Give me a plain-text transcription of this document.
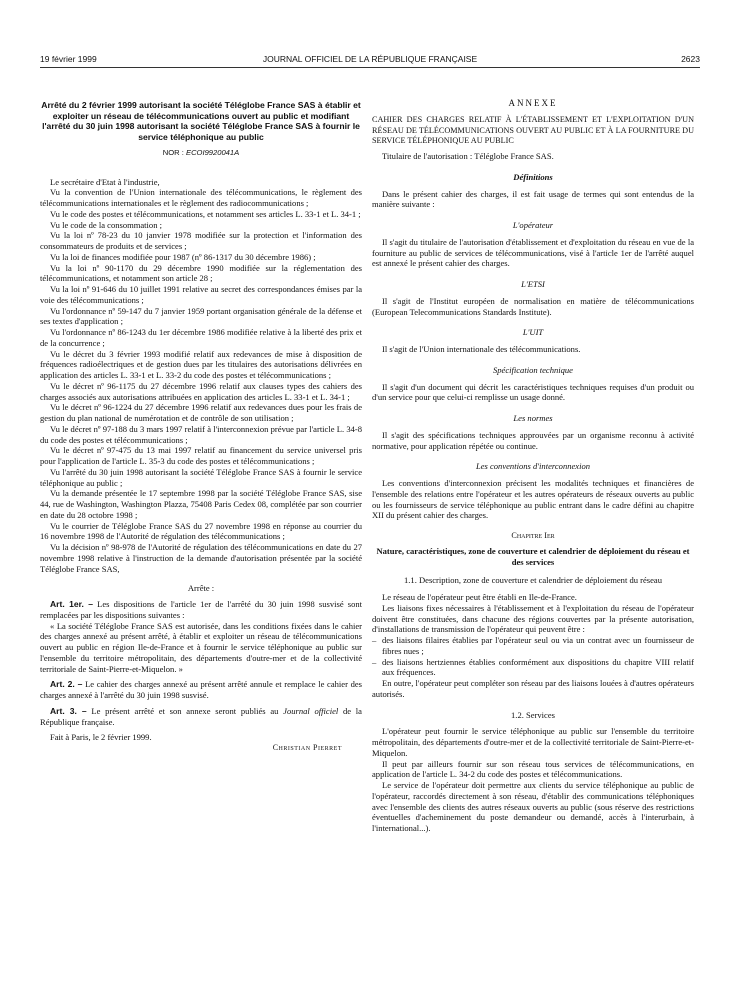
19 février 1999	JOURNAL OFFICIEL DE LA RÉPUBLIQUE FRANÇAISE	2623

Arrêté du 2 février 1999 autorisant la société Téléglobe France SAS à établir et exploiter un réseau de télécommunications ouvert au public et modifiant l'arrêté du 30 juin 1998 autorisant la société Téléglobe France SAS à fournir le service téléphonique au public

NOR : ECOI9920041A

Le secrétaire d'Etat à l'industrie,

Vu la convention de l'Union internationale des télécommunications, le règlement des télécommunications internationales et le règlement des radiocommunications ;

Vu le code des postes et télécommunications, et notamment ses articles L. 33-1 et L. 34-1 ;

Vu le code de la consommation ;

Vu la loi nº 78-23 du 10 janvier 1978 modifiée sur la protection et l'information des consommateurs de produits et de services ;

Vu la loi de finances modifiée pour 1987 (nº 86-1317 du 30 décembre 1986) ;

Vu la loi nº 90-1170 du 29 décembre 1990 modifiée sur la réglementation des télécommunications, et notamment son article 28 ;

Vu la loi nº 91-646 du 10 juillet 1991 relative au secret des correspondances émises par la voie des télécommunications ;

Vu l'ordonnance nº 59-147 du 7 janvier 1959 portant organisation générale de la défense et ses textes d'application ;

Vu l'ordonnance nº 86-1243 du 1er décembre 1986 modifiée relative à la liberté des prix et de la concurrence ;

Vu le décret du 3 février 1993 modifié relatif aux redevances de mise à disposition de fréquences radioélectriques et de gestion dues par les titulaires des autorisations délivrées en application des articles L. 33-1 et L. 33-2 du code des postes et télécommunications ;

Vu le décret nº 96-1175 du 27 décembre 1996 relatif aux clauses types des cahiers des charges associés aux autorisations attribuées en application des articles L. 33-1 et L. 34-1 ;

Vu le décret nº 96-1224 du 27 décembre 1996 relatif aux redevances dues pour les frais de gestion du plan national de numérotation et de contrôle de son utilisation ;

Vu le décret nº 97-188 du 3 mars 1997 relatif à l'interconnexion prévue par l'article L. 34-8 du code des postes et télécommunications ;

Vu le décret nº 97-475 du 13 mai 1997 relatif au financement du service universel pris pour l'application de l'article L. 35-3 du code des postes et télécommunications ;

Vu l'arrêté du 30 juin 1998 autorisant la société Téléglobe France SAS à fournir le service téléphonique au public ;

Vu la demande présentée le 17 septembre 1998 par la société Téléglobe France SAS, sise 44, rue de Washington, Washington Plazza, 75408 Paris Cedex 08, complétée par son courrier en date du 28 octobre 1998 ;

Vu le courrier de Téléglobe France SAS du 27 novembre 1998 en réponse au courrier du 16 novembre 1998 de l'Autorité de régulation des télécommunications ;

Vu la décision nº 98-978 de l'Autorité de régulation des télécommunications en date du 27 novembre 1998 relative à l'instruction de la demande d'autorisation présentée par la société Téléglobe France SAS,

Arrête :

Art. 1er. – Les dispositions de l'article 1er de l'arrêté du 30 juin 1998 susvisé sont remplacées par les dispositions suivantes :

« La société Téléglobe France SAS est autorisée, dans les conditions fixées dans le cahier des charges annexé au présent arrêté, à établir et exploiter un réseau de télécommunications ouvert au public en région Ile-de-France et à fournir le service téléphonique au public sur l'ensemble du territoire métropolitain, des départements d'outre-mer et de la collectivité territoriale de Saint-Pierre-et-Miquelon. »

Art. 2. – Le cahier des charges annexé au présent arrêté annule et remplace le cahier des charges annexé à l'arrêté du 30 juin 1998 susvisé.

Art. 3. – Le présent arrêté et son annexe seront publiés au Journal officiel de la République française.

Fait à Paris, le 2 février 1999.

Christian Pierret

ANNEXE

CAHIER DES CHARGES RELATIF À L'ÉTABLISSEMENT ET L'EXPLOITATION D'UN RÉSEAU DE TÉLÉCOMMUNICATIONS OUVERT AU PUBLIC ET À LA FOURNITURE DU SERVICE TÉLÉPHONIQUE AU PUBLIC

Titulaire de l'autorisation : Téléglobe France SAS.

Définitions

Dans le présent cahier des charges, il est fait usage de termes qui sont entendus de la manière suivante :

L'opérateur

Il s'agit du titulaire de l'autorisation d'établissement et d'exploitation du réseau en vue de la fourniture au public de services de télécommunications, visé à l'article 1er de l'arrêté auquel est annexé le présent cahier des charges.

L'ETSI

Il s'agit de l'Institut européen de normalisation en matière de télécommunications (European Telecommunications Standards Institute).

L'UIT

Il s'agit de l'Union internationale des télécommunications.

Spécification technique

Il s'agit d'un document qui décrit les caractéristiques techniques requises d'un produit ou d'un service pour que celui-ci remplisse un usage donné.

Les normes

Il s'agit des spécifications techniques approuvées par un organisme reconnu à activité normative, pour application répétée ou continue.

Les conventions d'interconnexion

Les conventions d'interconnexion précisent les modalités techniques et financières de l'ensemble des relations entre l'opérateur et les autres opérateurs de réseaux ouverts au public ou les fournisseurs de service téléphonique au public entrant dans le cadre défini au chapitre XII du présent cahier des charges.

Chapitre Ier

Nature, caractéristiques, zone de couverture et calendrier de déploiement du réseau et des services

1.1. Description, zone de couverture et calendrier de déploiement du réseau

Le réseau de l'opérateur peut être établi en Ile-de-France.

Les liaisons fixes nécessaires à l'établissement et à l'exploitation du réseau de l'opérateur doivent être constituées, dans chacune des régions couvertes par la présente autorisation, d'installations de transmission de l'opérateur qui peuvent être :

– des liaisons filaires établies par l'opérateur seul ou via un contrat avec un fournisseur de fibres nues ;

– des liaisons hertziennes établies conformément aux dispositions du chapitre VIII relatif aux fréquences.

En outre, l'opérateur peut compléter son réseau par des liaisons louées à d'autres opérateurs autorisés.

1.2. Services

L'opérateur peut fournir le service téléphonique au public sur l'ensemble du territoire métropolitain, des départements d'outre-mer et de la collectivité territoriale de Saint-Pierre-et-Miquelon.

Il peut par ailleurs fournir sur son réseau tous services de télécommunications, en application de l'article L. 34-2 du code des postes et télécommunications.

Le service de l'opérateur doit permettre aux clients du service téléphonique au public de l'opérateur, raccordés directement à son réseau, d'établir des communications téléphoniques avec l'ensemble des clients des autres réseaux ouverts au public (sous réserve des restrictions éventuelles d'acheminement du poste demandeur ou demandé, accès à l'interurbain, à l'international...).
